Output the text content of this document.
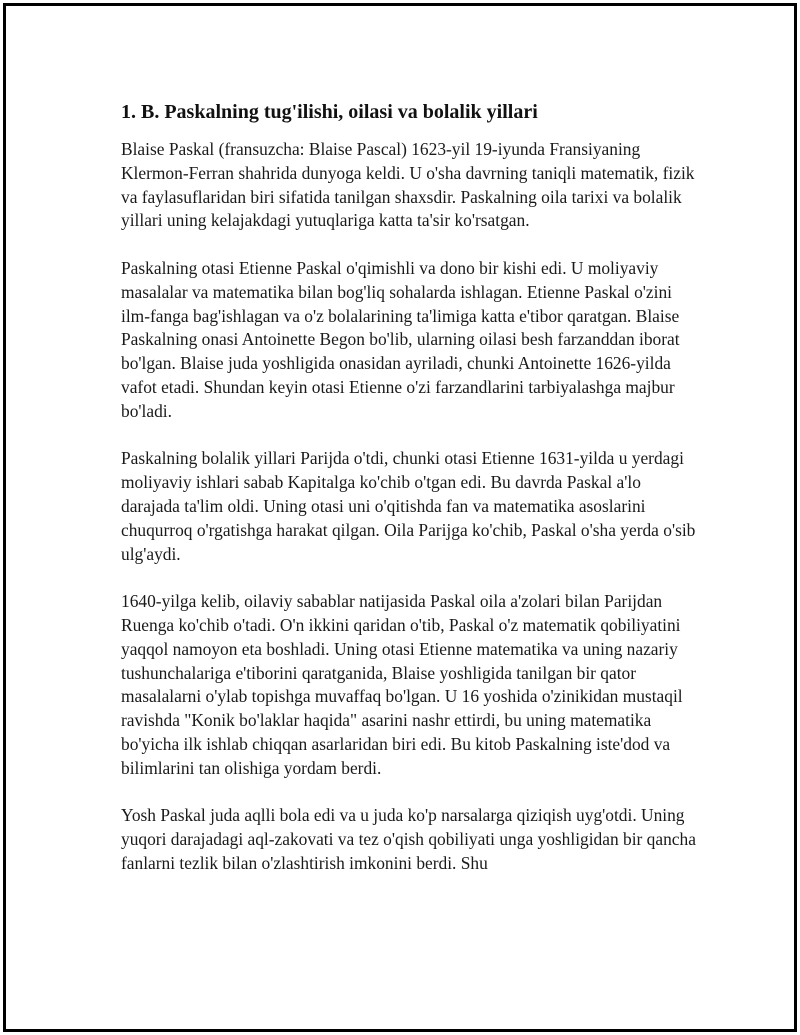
1. B. Paskalning tug'ilishi, oilasi va bolalik yillari

Blaise Paskal (fransuzcha: Blaise Pascal) 1623-yil 19-iyunda Fransiyaning Klermon-Ferran shahrida dunyoga keldi. U o'sha davrning taniqli matematik, fizik va faylasuflaridan biri sifatida tanilgan shaxsdir. Paskalning oila tarixi va bolalik yillari uning kelajakdagi yutuqlariga katta ta'sir ko'rsatgan.

Paskalning otasi Etienne Paskal o'qimishli va dono bir kishi edi. U moliyaviy masalalar va matematika bilan bog'liq sohalarda ishlagan. Etienne Paskal o'zini ilm-fanga bag'ishlagan va o'z bolalarining ta'limiga katta e'tibor qaratgan. Blaise Paskalning onasi Antoinette Begon bo'lib, ularning oilasi besh farzanddan iborat bo'lgan. Blaise juda yoshligida onasidan ayriladi, chunki Antoinette 1626-yilda vafot etadi. Shundan keyin otasi Etienne o'zi farzandlarini tarbiyalashga majbur bo'ladi.

Paskalning bolalik yillari Parijda o'tdi, chunki otasi Etienne 1631-yilda u yerdagi moliyaviy ishlari sabab Kapitalga ko'chib o'tgan edi. Bu davrda Paskal a'lo darajada ta'lim oldi. Uning otasi uni o'qitishda fan va matematika asoslarini chuqurroq o'rgatishga harakat qilgan. Oila Parijga ko'chib, Paskal o'sha yerda o'sib ulg'aydi.

1640-yilga kelib, oilaviy sabablar natijasida Paskal oila a'zolari bilan Parijdan Ruenga ko'chib o'tadi. O'n ikkini qaridan o'tib, Paskal o'z matematik qobiliyatini yaqqol namoyon eta boshladi. Uning otasi Etienne matematika va uning nazariy tushunchalariga e'tiborini qaratganida, Blaise yoshligida tanilgan bir qator masalalarni o'ylab topishga muvaffaq bo'lgan. U 16 yoshida o'zinikidan mustaqil ravishda "Konik bo'laklar haqida" asarini nashr ettirdi, bu uning matematika bo'yicha ilk ishlab chiqqan asarlaridan biri edi. Bu kitob Paskalning iste'dod va bilimlarini tan olishiga yordam berdi.

Yosh Paskal juda aqlli bola edi va u juda ko'p narsalarga qiziqish uyg'otdi. Uning yuqori darajadagi aql-zakovati va tez o'qish qobiliyati unga yoshligidan bir qancha fanlarni tezlik bilan o'zlashtirish imkonini berdi. Shu
